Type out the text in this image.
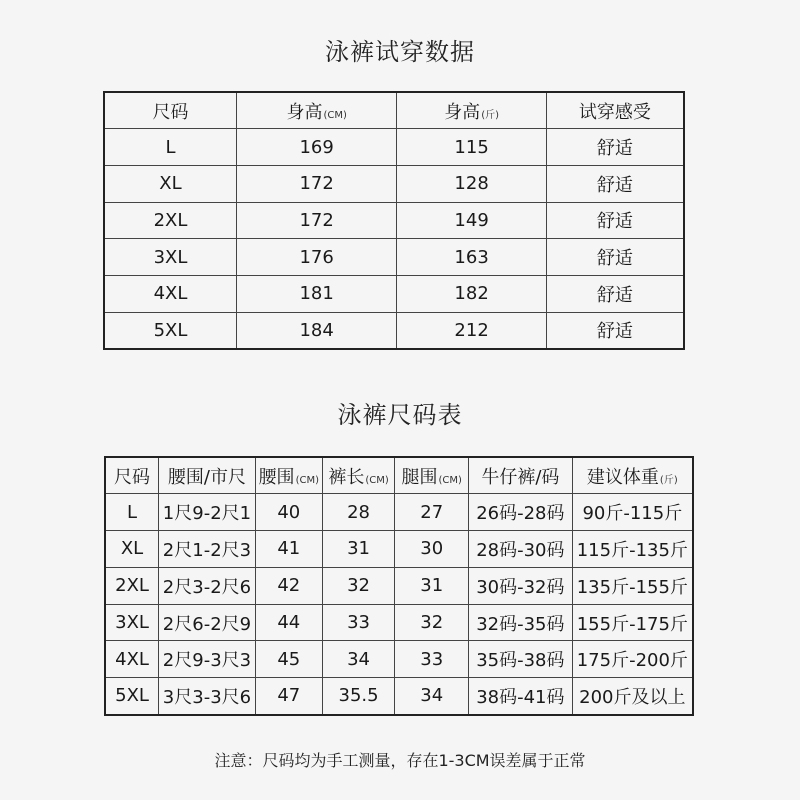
泳裤试穿数据
尺码	身高(CM)	身高(斤)	试穿感受
L	169	115	舒适
XL	172	128	舒适
2XL	172	149	舒适
3XL	176	163	舒适
4XL	181	182	舒适
5XL	184	212	舒适
泳裤尺码表
尺码	腰围/市尺	腰围(CM)	裤长(CM)	腿围(CM)	牛仔裤/码	建议体重(斤)
L	1尺9-2尺1	40	28	27	26码-28码	90斤-115斤
XL	2尺1-2尺3	41	31	30	28码-30码	115斤-135斤
2XL	2尺3-2尺6	42	32	31	30码-32码	135斤-155斤
3XL	2尺6-2尺9	44	33	32	32码-35码	155斤-175斤
4XL	2尺9-3尺3	45	34	33	35码-38码	175斤-200斤
5XL	3尺3-3尺6	47	35.5	34	38码-41码	200斤及以上
注意：尺码均为手工测量，存在1-3CM误差属于正常
